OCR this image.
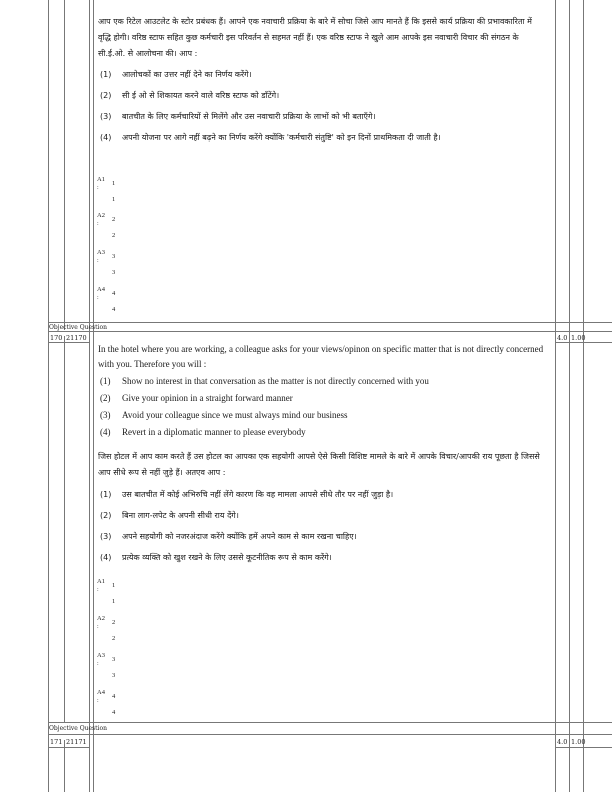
आप एक रिटेल आउटलेट के स्टोर प्रबंधक हैं। आपने एक नवाचारी प्रक्रिया के बारे में सोचा जिसे आप मानते हैं कि इससे कार्य प्रक्रिया की प्रभावकारिता में वृद्धि होगी। वरिष्ठ स्टाफ सहित कुछ कर्मचारी इस परिवर्तन से सहमत नहीं हैं। एक वरिष्ठ स्टाफ ने खुले आम आपके इस नवाचारी विचार की संगठन के सी.ई.ओ. से आलोचना की। आप :
(1) आलोचकों का उत्तर नहीं देने का निर्णय करेंगे।
(2) सी ई ओ से शिकायत करने वाले वरिष्ठ स्टाफ को डाँटेंगे।
(3) बातचीत के लिए कर्मचारियों से मिलेंगे और उस नवाचारी प्रक्रिया के लाभों को भी बताएँगे।
(4) अपनी योजना पर आगे नहीं बढ़ने का निर्णय करेंगे क्योंकि 'कर्मचारी संतुष्टि' को इन दिनों प्राथमिकता दी जाती है।
A1
:
1
1
A2
:
2
2
A3
:
3
3
A4
:
4
4
Objective Question
170 21170	4.0 1.00
In the hotel where you are working, a colleague asks for your views/opinon on specific matter that is not directly concerned with you. Therefore you will :
(1) Show no interest in that conversation as the matter is not directly concerned with you
(2) Give your opinion in a straight forward manner
(3) Avoid your colleague since we must always mind our business
(4) Revert in a diplomatic manner to please everybody
जिस होटल में आप काम करते हैं उस होटल का आपका एक सहयोगी आपसे ऐसे किसी विशिष्ट मामले के बारे में आपके विचार/आपकी राय पूछता है जिससे आप सीधे रूप से नहीं जुड़े हैं। अतएव आप :
(1) उस बातचीत में कोई अभिरुचि नहीं लेंगे कारण कि वह मामला आपसे सीधे तौर पर नहीं जुड़ा है।
(2) बिना लाग-लपेट के अपनी सीधी राय देंगे।
(3) अपने सहयोगी को नजरअंदाज करेंगे क्योंकि हमें अपने काम से काम रखना चाहिए।
(4) प्रत्येक व्यक्ति को खुश रखने के लिए उससे कूटनीतिक रूप से काम करेंगे।
A1
:
1
1
A2
:
2
2
A3
:
3
3
A4
:
4
4
Objective Question
171 21171	4.0 1.00
